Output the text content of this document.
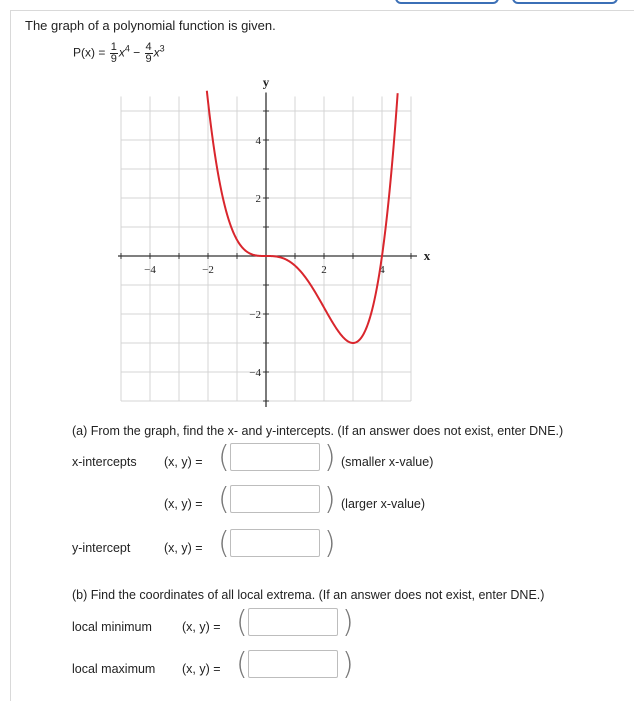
The graph of a polynomial function is given.
$P(x) = \frac{1}{9} x^4 - \frac{4}{9} x^3$
−4	−2	2	4
4
2
−2
−4
y
x
(a) From the graph, find the x- and y-intercepts. (If an answer does not exist, enter DNE.)
x-intercepts (x, y) = (	) (smaller x-value)
(x, y) = (	) (larger x-value)
y-intercept	(x, y) = (	)
(b) Find the coordinates of all local extrema. (If an answer does not exist, enter DNE.)
local minimum (x, y) = (	)
local maximum (x, y) = (	)
